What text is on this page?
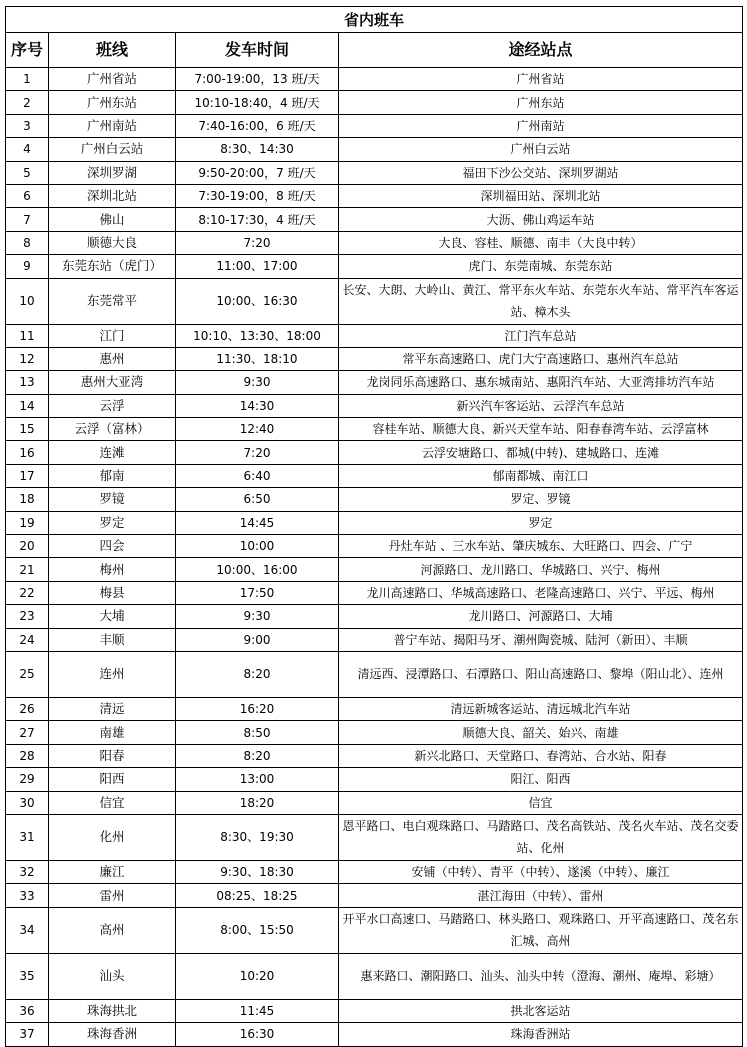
省内班车			
序号	班线	发车时间	途经站点
1	广州省站	7:00-19:00，13 班/天	广州省站
2	广州东站	10:10-18:40，4 班/天	广州东站
3	广州南站	7:40-16:00，6 班/天	广州南站
4	广州白云站	8:30、14:30	广州白云站
5	深圳罗湖	9:50-20:00，7 班/天	福田下沙公交站、深圳罗湖站
6	深圳北站	7:30-19:00，8 班/天	深圳福田站、深圳北站
7	佛山	8:10-17:30，4 班/天	大沥、佛山鸡运车站
8	顺德大良	7:20	大良、容桂、顺德、南丰（大良中转）
9	东莞东站（虎门）	11:00、17:00	虎门、东莞南城、东莞东站
10	东莞常平	10:00、16:30	长安、大朗、大岭山、黄江、常平东火车站、东莞东火车站、常平汽车客运站、樟木头
11	江门	10:10、13:30、18:00	江门汽车总站
12	惠州	11:30、18:10	常平东高速路口、虎门大宁高速路口、惠州汽车总站
13	惠州大亚湾	9:30	龙岗同乐高速路口、惠东城南站、惠阳汽车站、大亚湾排坊汽车站
14	云浮	14:30	新兴汽车客运站、云浮汽车总站
15	云浮（富林）	12:40	容桂车站、顺德大良、新兴天堂车站、阳春春湾车站、云浮富林
16	连滩	7:20	云浮安塘路口、都城(中转)、建城路口、连滩
17	郁南	6:40	郁南都城、南江口
18	罗镜	6:50	罗定、罗镜
19	罗定	14:45	罗定
20	四会	10:00	丹灶车站 、三水车站、肇庆城东、大旺路口、四会、广宁
21	梅州	10:00、16:00	河源路口、龙川路口、华城路口、兴宁、梅州
22	梅县	17:50	龙川高速路口、华城高速路口、老隆高速路口、兴宁、平远、梅州
23	大埔	9:30	龙川路口、河源路口、大埔
24	丰顺	9:00	普宁车站、揭阳马牙、潮州陶瓷城、陆河（新田）、丰顺
25	连州	8:20	清远西、浸潭路口、石潭路口、阳山高速路口、黎埠（阳山北）、连州
26	清远	16:20	清远新城客运站、清远城北汽车站
27	南雄	8:50	顺德大良、韶关、始兴、南雄
28	阳春	8:20	新兴北路口、天堂路口、春湾站、合水站、阳春
29	阳西	13:00	阳江、阳西
30	信宜	18:20	信宜
31	化州	8:30、19:30	恩平路口、电白观珠路口、马踏路口、茂名高铁站、茂名火车站、茂名交委站、化州
32	廉江	9:30、18:30	安铺（中转）、青平（中转）、遂溪（中转）、廉江
33	雷州	08:25、18:25	湛江海田（中转）、雷州
34	高州	8:00、15:50	开平水口高速口、马踏路口、林头路口、观珠路口、开平高速路口、茂名东汇城、高州
35	汕头	10:20	惠来路口、潮阳路口、汕头、汕头中转（澄海、潮州、庵埠、彩塘）
36	珠海拱北	11:45	拱北客运站
37	珠海香洲	16:30	珠海香洲站
